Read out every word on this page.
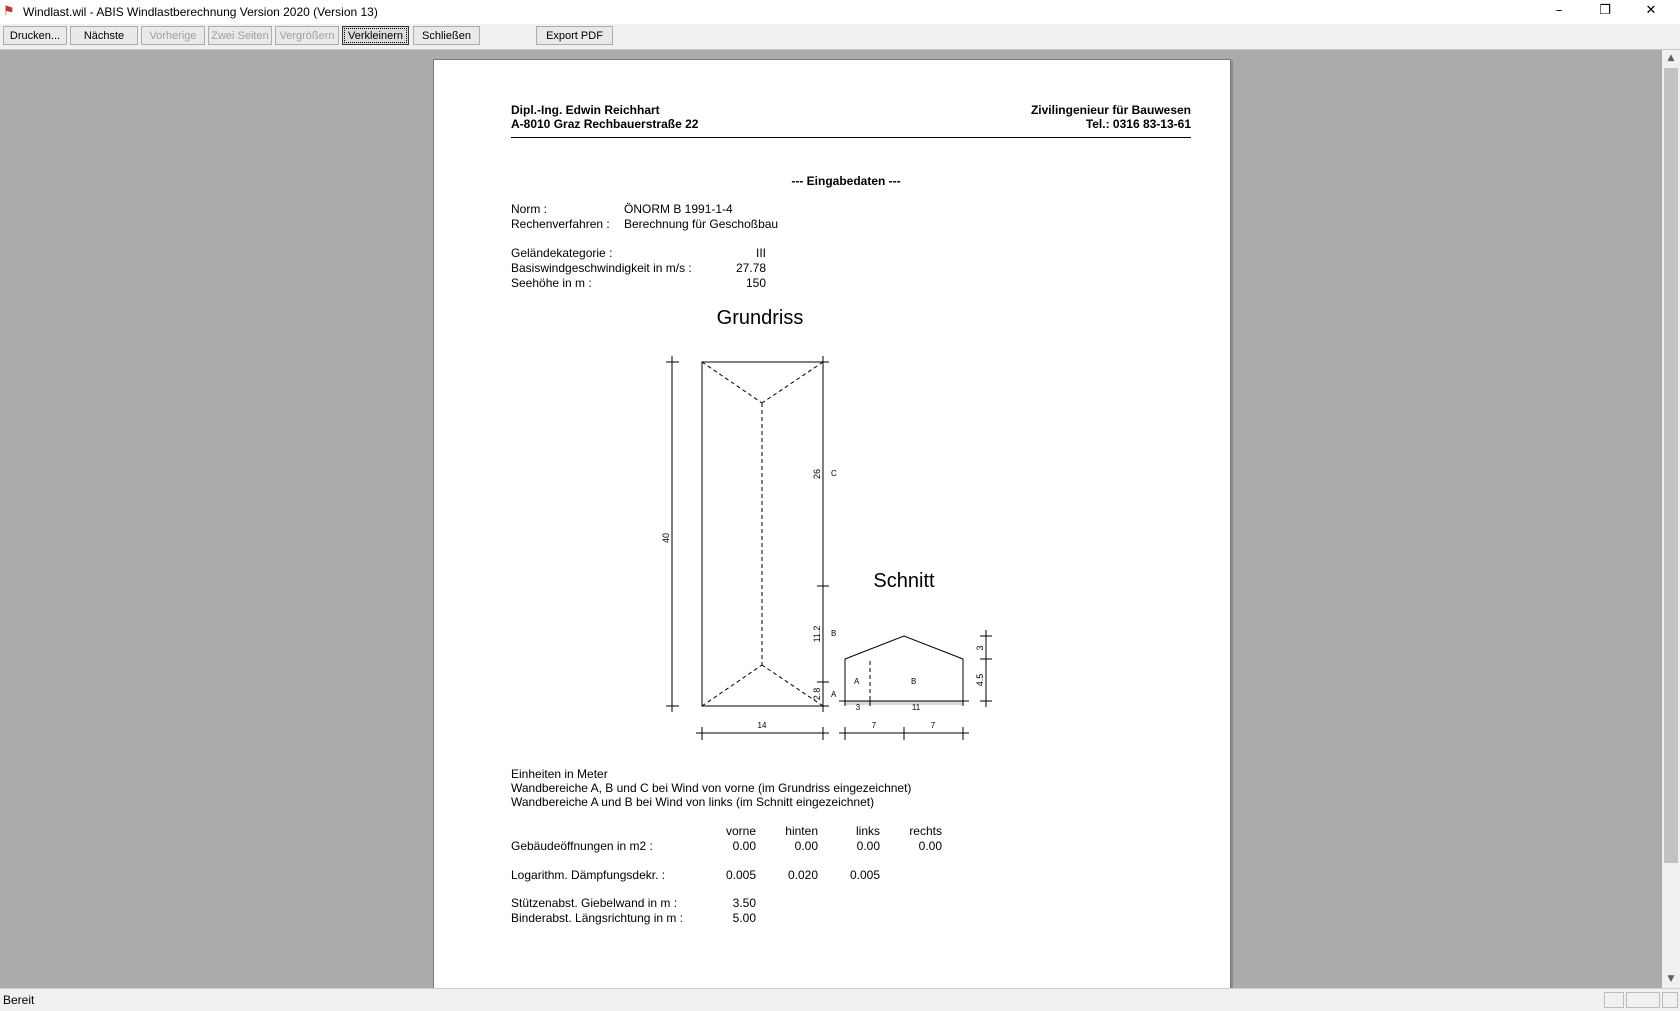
⚑ Windlast.wil - ABIS Windlastberechnung Version 2020 (Version 13)	–	❐	✕
Drucken...	Nächste	Vorherige	Zwei Seiten Vergrößern	Verkleinern	Schließen	Export PDF
Dipl.-Ing. Edwin Reichhart
A-8010 Graz Rechbauerstraße 22
Zivilingenieur für Bauwesen
Tel.: 0316 83-13-61
--- Eingabedaten ---
Norm :	ÖNORM B 1991-1-4
Rechenverfahren : Berechnung für Geschoßbau
Geländekategorie :	III
Basiswindgeschwindigkeit in m/s :	27.78
Seehöhe in m :	150
Grundriss
40
26
11.2
2.8
C
B
A
14
Schnitt
A	B
3	11
3
4.5
7	7
Einheiten in Meter
Wandbereiche A, B und C bei Wind von vorne (im Grundriss eingezeichnet)
Wandbereiche A und B bei Wind von links (im Schnitt eingezeichnet)
vorne	hinten	links	rechts
Gebäudeöffnungen in m2 :	0.00	0.00	0.00	0.00
Logarithm. Dämpfungsdekr. :	0.005	0.020	0.005
Stützenabst. Giebelwand in m :	3.50
Binderabst. Längsrichtung in m :	5.00
▲
▼
Bereit
